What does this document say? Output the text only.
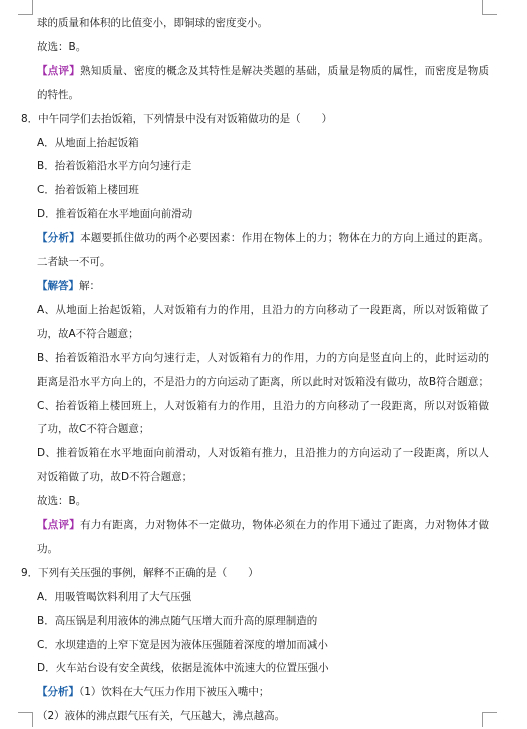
球的质量和体积的比值变小，即铜球的密度变小。
故选：B。
【点评】熟知质量、密度的概念及其特性是解决类题的基础，质量是物质的属性，而密度是物质
的特性。
8．中午同学们去抬饭箱，下列情景中没有对饭箱做功的是（　　）
A．从地面上抬起饭箱
B．抬着饭箱沿水平方向匀速行走
C．抬着饭箱上楼回班
D．推着饭箱在水平地面向前滑动
【分析】本题要抓住做功的两个必要因素：作用在物体上的力；物体在力的方向上通过的距离。
二者缺一不可。
【解答】解：
A、从地面上抬起饭箱，人对饭箱有力的作用，且沿力的方向移动了一段距离，所以对饭箱做了
功，故A不符合题意；
B、抬着饭箱沿水平方向匀速行走，人对饭箱有力的作用，力的方向是竖直向上的，此时运动的
距离是沿水平方向上的，不是沿力的方向运动了距离，所以此时对饭箱没有做功，故B符合题意；
C、抬着饭箱上楼回班上，人对饭箱有力的作用，且沿力的方向移动了一段距离，所以对饭箱做
了功，故C不符合题意；
D、推着饭箱在水平地面向前滑动，人对饭箱有推力，且沿推力的方向运动了一段距离，所以人
对饭箱做了功，故D不符合题意；
故选：B。
【点评】有力有距离，力对物体不一定做功，物体必须在力的作用下通过了距离，力对物体才做
功。
9．下列有关压强的事例，解释不正确的是（　　）
A．用吸管喝饮料利用了大气压强
B．高压锅是利用液体的沸点随气压增大而升高的原理制造的
C．水坝建造的上窄下宽是因为液体压强随着深度的增加而减小
D．火车站台设有安全黄线，依据是流体中流速大的位置压强小
【分析】（1）饮料在大气压力作用下被压入嘴中；
（2）液体的沸点跟气压有关，气压越大，沸点越高。
